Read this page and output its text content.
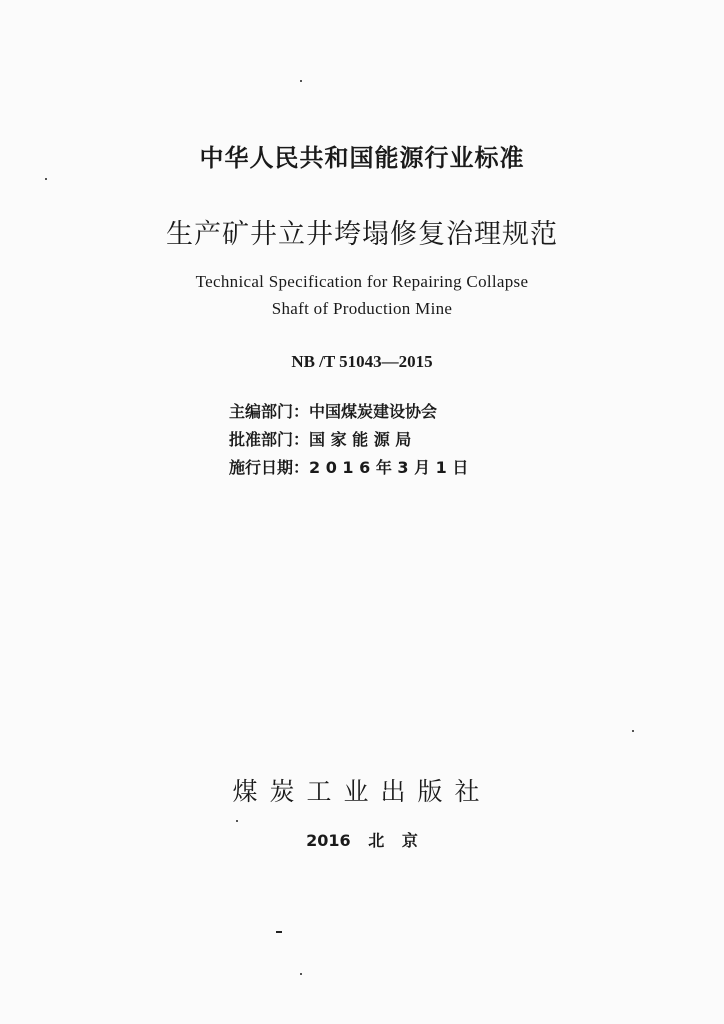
中华人民共和国能源行业标准
生产矿井立井垮塌修复治理规范
Technical Specification for Repairing Collapse
Shaft of Production Mine
NB /T 51043—2015
主编部门：中国煤炭建设协会
批准部门：国 家 能 源 局
施行日期：2 0 1 6 年 3 月 1 日
煤炭工业出版社
2016 北 京
